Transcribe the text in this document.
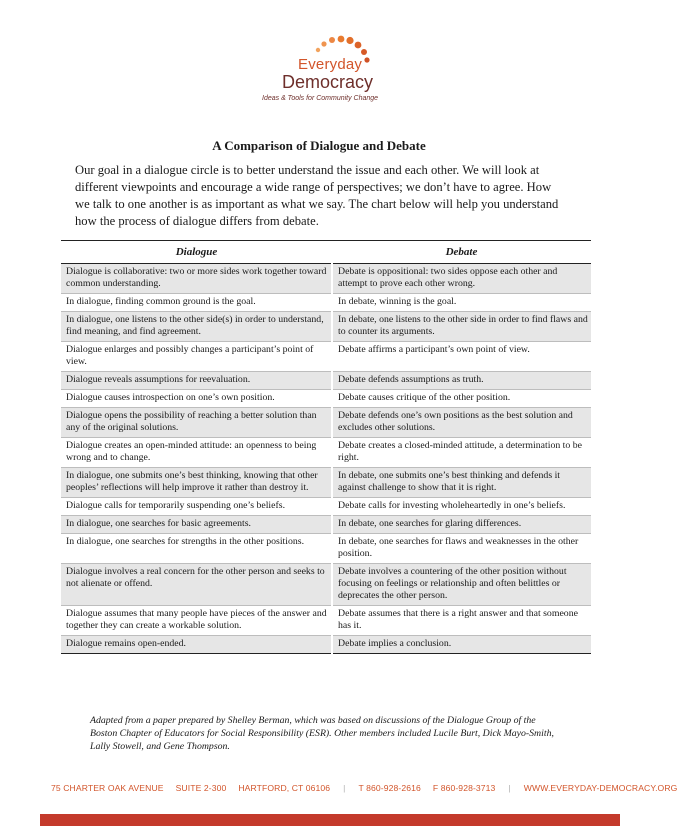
Everyday
Democracy
Ideas & Tools for Community Change
A Comparison of Dialogue and Debate
Our goal in a dialogue circle is to better understand the issue and each other. We will look at different viewpoints and encourage a wide range of perspectives; we don’t have to agree. How we talk to one another is as important as what we say. The chart below will help you understand how the process of dialogue differs from debate.
Dialogue	Debate
Dialogue is collaborative: two or more sides work together toward common understanding.	Debate is oppositional: two sides oppose each other and attempt to prove each other wrong.
In dialogue, finding common ground is the goal.	In debate, winning is the goal.
In dialogue, one listens to the other side(s) in order to understand, find meaning, and find agreement.	In debate, one listens to the other side in order to find flaws and to counter its arguments.
Dialogue enlarges and possibly changes a participant’s point of view.	Debate affirms a participant’s own point of view.
Dialogue reveals assumptions for reevaluation.	Debate defends assumptions as truth.
Dialogue causes introspection on one’s own position.	Debate causes critique of the other position.
Dialogue opens the possibility of reaching a better solution than any of the original solutions.	Debate defends one’s own positions as the best solution and excludes other solutions.
Dialogue creates an open-minded attitude: an openness to being wrong and to change.	Debate creates a closed-minded attitude, a determination to be right.
In dialogue, one submits one’s best thinking, knowing that other peoples’ reflections will help improve it rather than destroy it.	In debate, one submits one’s best thinking and defends it against challenge to show that it is right.
Dialogue calls for temporarily suspending one’s beliefs.	Debate calls for investing wholeheartedly in one’s beliefs.
In dialogue, one searches for basic agreements.	In debate, one searches for glaring differences.
In dialogue, one searches for strengths in the other positions.	In debate, one searches for flaws and weaknesses in the other position.
Dialogue involves a real concern for the other person and seeks to not alienate or offend.	Debate involves a countering of the other position without focusing on feelings or relationship and often belittles or deprecates the other person.
Dialogue assumes that many people have pieces of the answer and together they can create a workable solution.	Debate assumes that there is a right answer and that someone has it.
Dialogue remains open-ended.	Debate implies a conclusion.
Adapted from a paper prepared by Shelley Berman, which was based on discussions of the Dialogue Group of the Boston Chapter of Educators for Social Responsibility (ESR). Other members included Lucile Burt, Dick Mayo-Smith, Lally Stowell, and Gene Thompson.
75 CHARTER OAK AVENUE SUITE 2-300 HARTFORD, CT 06106 | T 860-928-2616 F 860-928-3713 | WWW.EVERYDAY-DEMOCRACY.ORG
